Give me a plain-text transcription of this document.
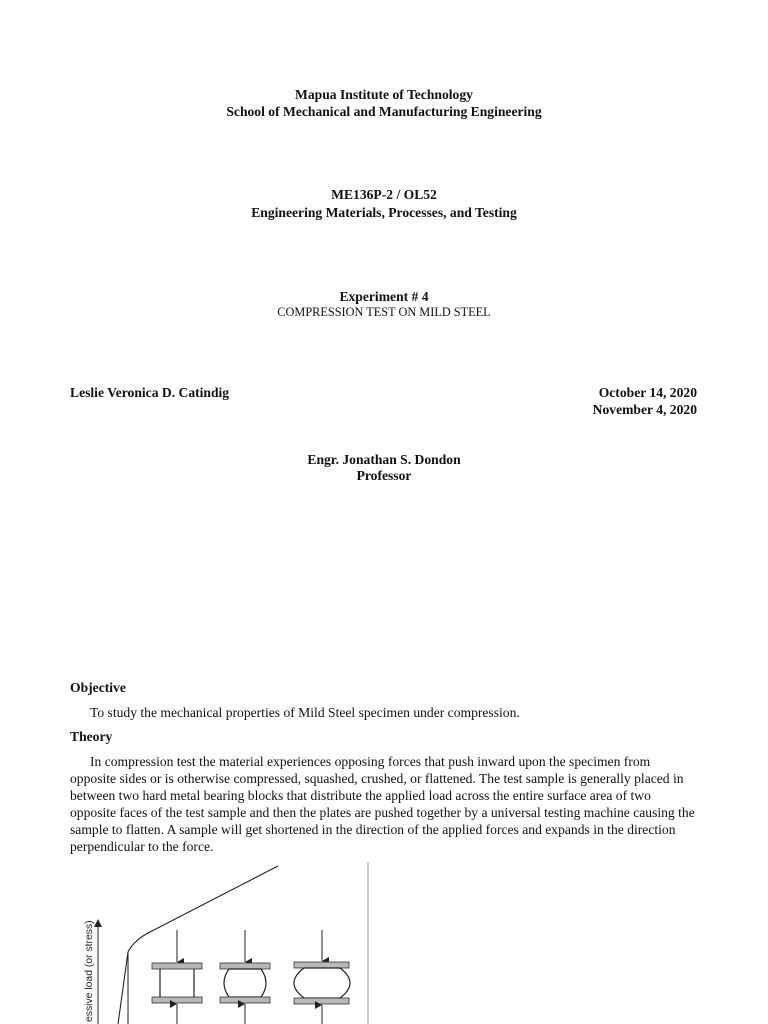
Mapua Institute of Technology
School of Mechanical and Manufacturing Engineering
ME136P-2 / OL52
Engineering Materials, Processes, and Testing
Experiment # 4
COMPRESSION TEST ON MILD STEEL
Leslie Veronica D. Catindig	October 14, 2020
November 4, 2020
Engr. Jonathan S. Dondon
Professor
Objective
To study the mechanical properties of Mild Steel specimen under compression.
Theory
In compression test the material experiences opposing forces that push inward upon the specimen from
opposite sides or is otherwise compressed, squashed, crushed, or flattened. The test sample is generally placed in
between two hard metal bearing blocks that distribute the applied load across the entire surface area of two
opposite faces of the test sample and then the plates are pushed together by a universal testing machine causing the
sample to flatten. A sample will get shortened in the direction of the applied forces and expands in the direction
perpendicular to the force.
essive load (or stress)
